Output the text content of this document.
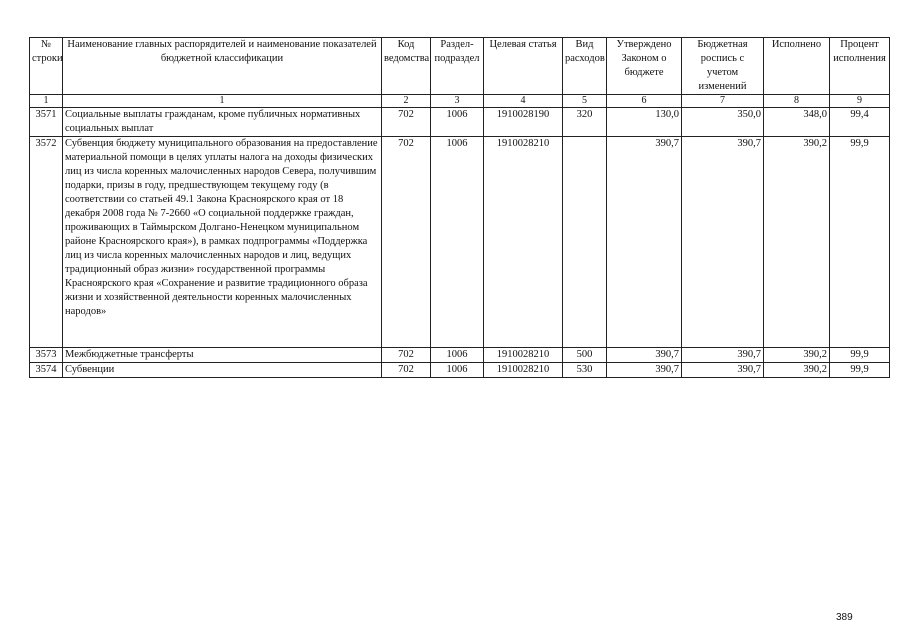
№ строки	Наименование главных распорядителей и наименование показателей бюджетной классификации	Код ведомства	Раздел-подраздел	Целевая статья	Вид расходов	Утверждено Законом о бюджете	Бюджетная роспись с учетом изменений	Исполнено	Процент исполнения
1	1	2	3	4	5	6	7	8	9
3571	Социальные выплаты гражданам, кроме публичных нормативных социальных выплат	702	1006	1910028190	320	130,0	350,0	348,0	99,4
3572	Субвенция бюджету муниципального образования на предоставление материальной помощи в целях уплаты налога на доходы физических лиц из числа коренных малочисленных народов Севера, получившим подарки, призы в году, предшествующем текущему году (в соответствии со статьей 49.1 Закона Красноярского края от 18 декабря 2008 года № 7-2660 «О социальной поддержке граждан, проживающих в Таймырском Долгано-Ненецком муниципальном районе Красноярского края»), в рамках подпрограммы «Поддержка лиц из числа коренных малочисленных народов и лиц, ведущих традиционный образ жизни» государственной программы Красноярского края «Сохранение и развитие традиционного образа жизни и хозяйственной деятельности коренных малочисленных народов»	702	1006	1910028210		390,7	390,7	390,2	99,9
3573	Межбюджетные трансферты	702	1006	1910028210	500	390,7	390,7	390,2	99,9
3574	Субвенции	702	1006	1910028210	530	390,7	390,7	390,2	99,9
389
